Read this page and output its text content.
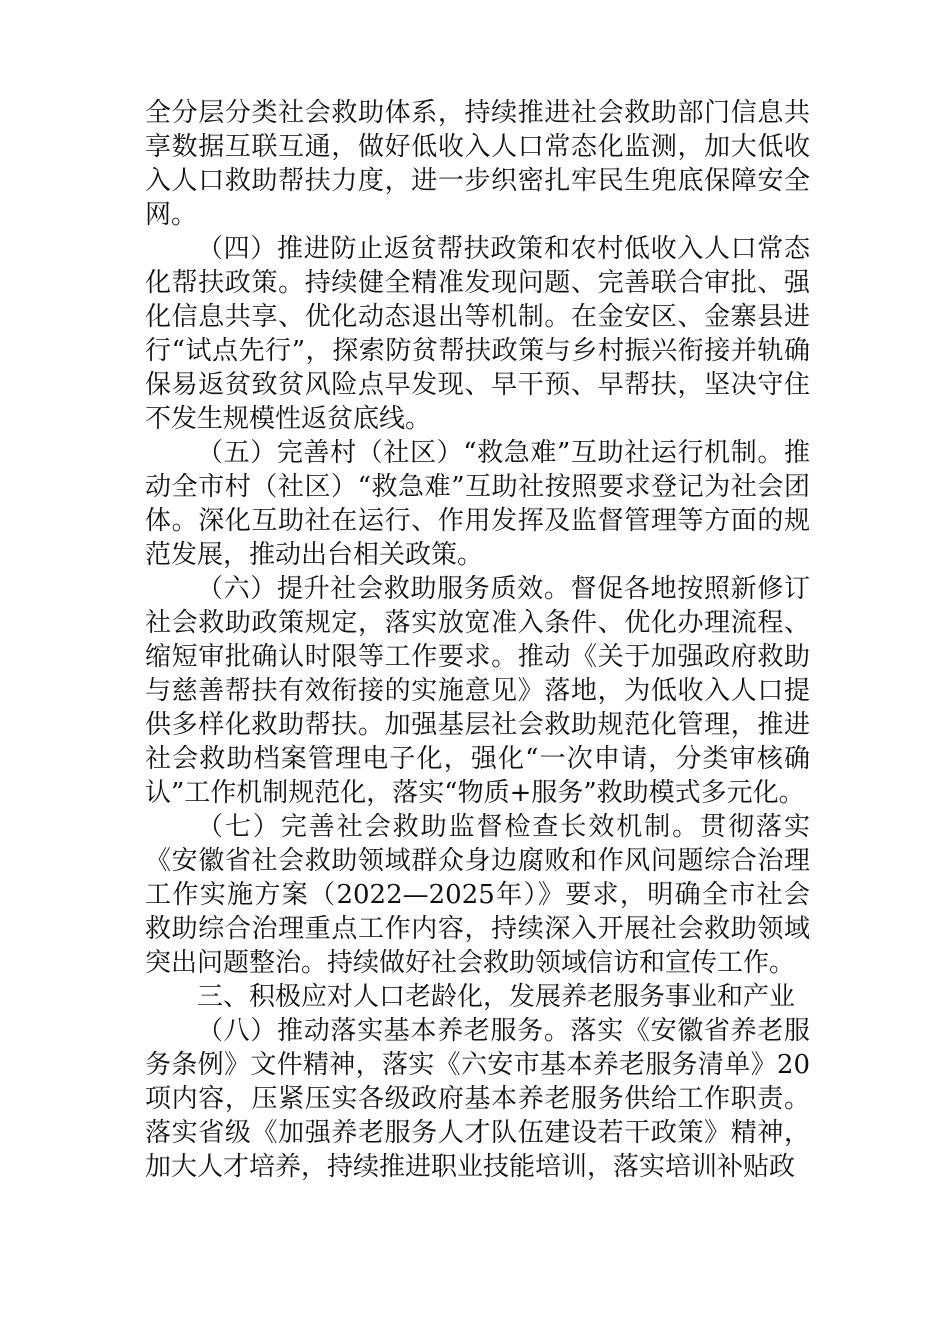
全分层分类社会救助体系，持续推进社会救助部门信息共享数据互联互通，做好低收入人口常态化监测，加大低收入人口救助帮扶力度，进一步织密扎牢民生兜底保障安全网。

（四）推进防止返贫帮扶政策和农村低收入人口常态化帮扶政策。持续健全精准发现问题、完善联合审批、强化信息共享、优化动态退出等机制。在金安区、金寨县进行“试点先行”，探索防贫帮扶政策与乡村振兴衔接并轨确保易返贫致贫风险点早发现、早干预、早帮扶，坚决守住不发生规模性返贫底线。

（五）完善村（社区）“救急难”互助社运行机制。推动全市村（社区）“救急难”互助社按照要求登记为社会团体。深化互助社在运行、作用发挥及监督管理等方面的规范发展，推动出台相关政策。

（六）提升社会救助服务质效。督促各地按照新修订社会救助政策规定，落实放宽准入条件、优化办理流程、缩短审批确认时限等工作要求。推动《关于加强政府救助与慈善帮扶有效衔接的实施意见》落地，为低收入人口提供多样化救助帮扶。加强基层社会救助规范化管理，推进社会救助档案管理电子化，强化“一次申请，分类审核确认”工作机制规范化，落实“物质+服务”救助模式多元化。

（七）完善社会救助监督检查长效机制。贯彻落实《安徽省社会救助领域群众身边腐败和作风问题综合治理工作实施方案（2022—2025年）》要求，明确全市社会救助综合治理重点工作内容，持续深入开展社会救助领域突出问题整治。持续做好社会救助领域信访和宣传工作。

三、积极应对人口老龄化，发展养老服务事业和产业

（八）推动落实基本养老服务。落实《安徽省养老服务条例》文件精神，落实《六安市基本养老服务清单》20项内容，压紧压实各级政府基本养老服务供给工作职责。落实省级《加强养老服务人才队伍建设若干政策》精神，加大人才培养，持续推进职业技能培训，落实培训补贴政
